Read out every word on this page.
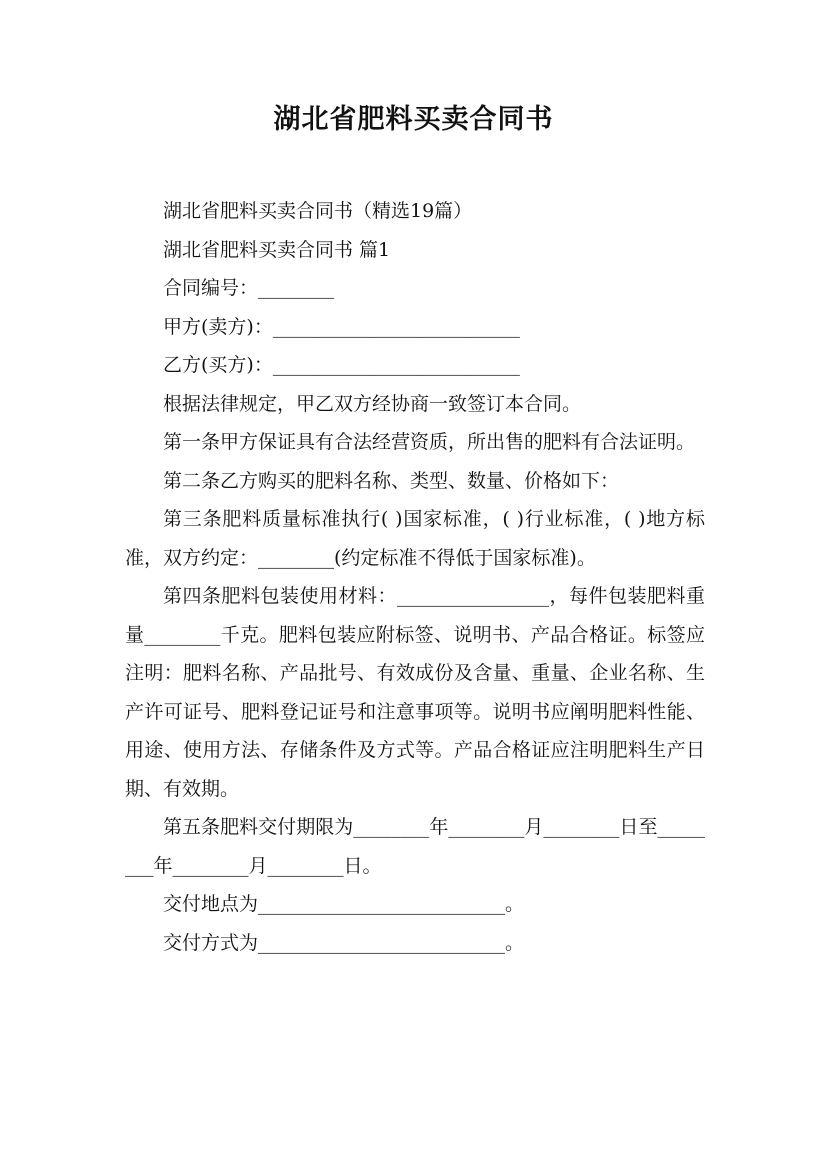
湖北省肥料买卖合同书

湖北省肥料买卖合同书（精选19篇）

湖北省肥料买卖合同书 篇1

合同编号：________

甲方(卖方)：__________________________

乙方(买方)：__________________________

根据法律规定，甲乙双方经协商一致签订本合同。

第一条甲方保证具有合法经营资质，所出售的肥料有合法证明。

第二条乙方购买的肥料名称、类型、数量、价格如下：

第三条肥料质量标准执行( )国家标准，( )行业标准，( )地方标准，双方约定：________(约定标准不得低于国家标准)。

第四条肥料包装使用材料：________________，每件包装肥料重量________千克。肥料包装应附标签、说明书、产品合格证。标签应注明：肥料名称、产品批号、有效成份及含量、重量、企业名称、生产许可证号、肥料登记证号和注意事项等。说明书应阐明肥料性能、用途、使用方法、存储条件及方式等。产品合格证应注明肥料生产日期、有效期。

第五条肥料交付期限为________年________月________日至________年________月________日。

交付地点为__________________________。

交付方式为__________________________。
